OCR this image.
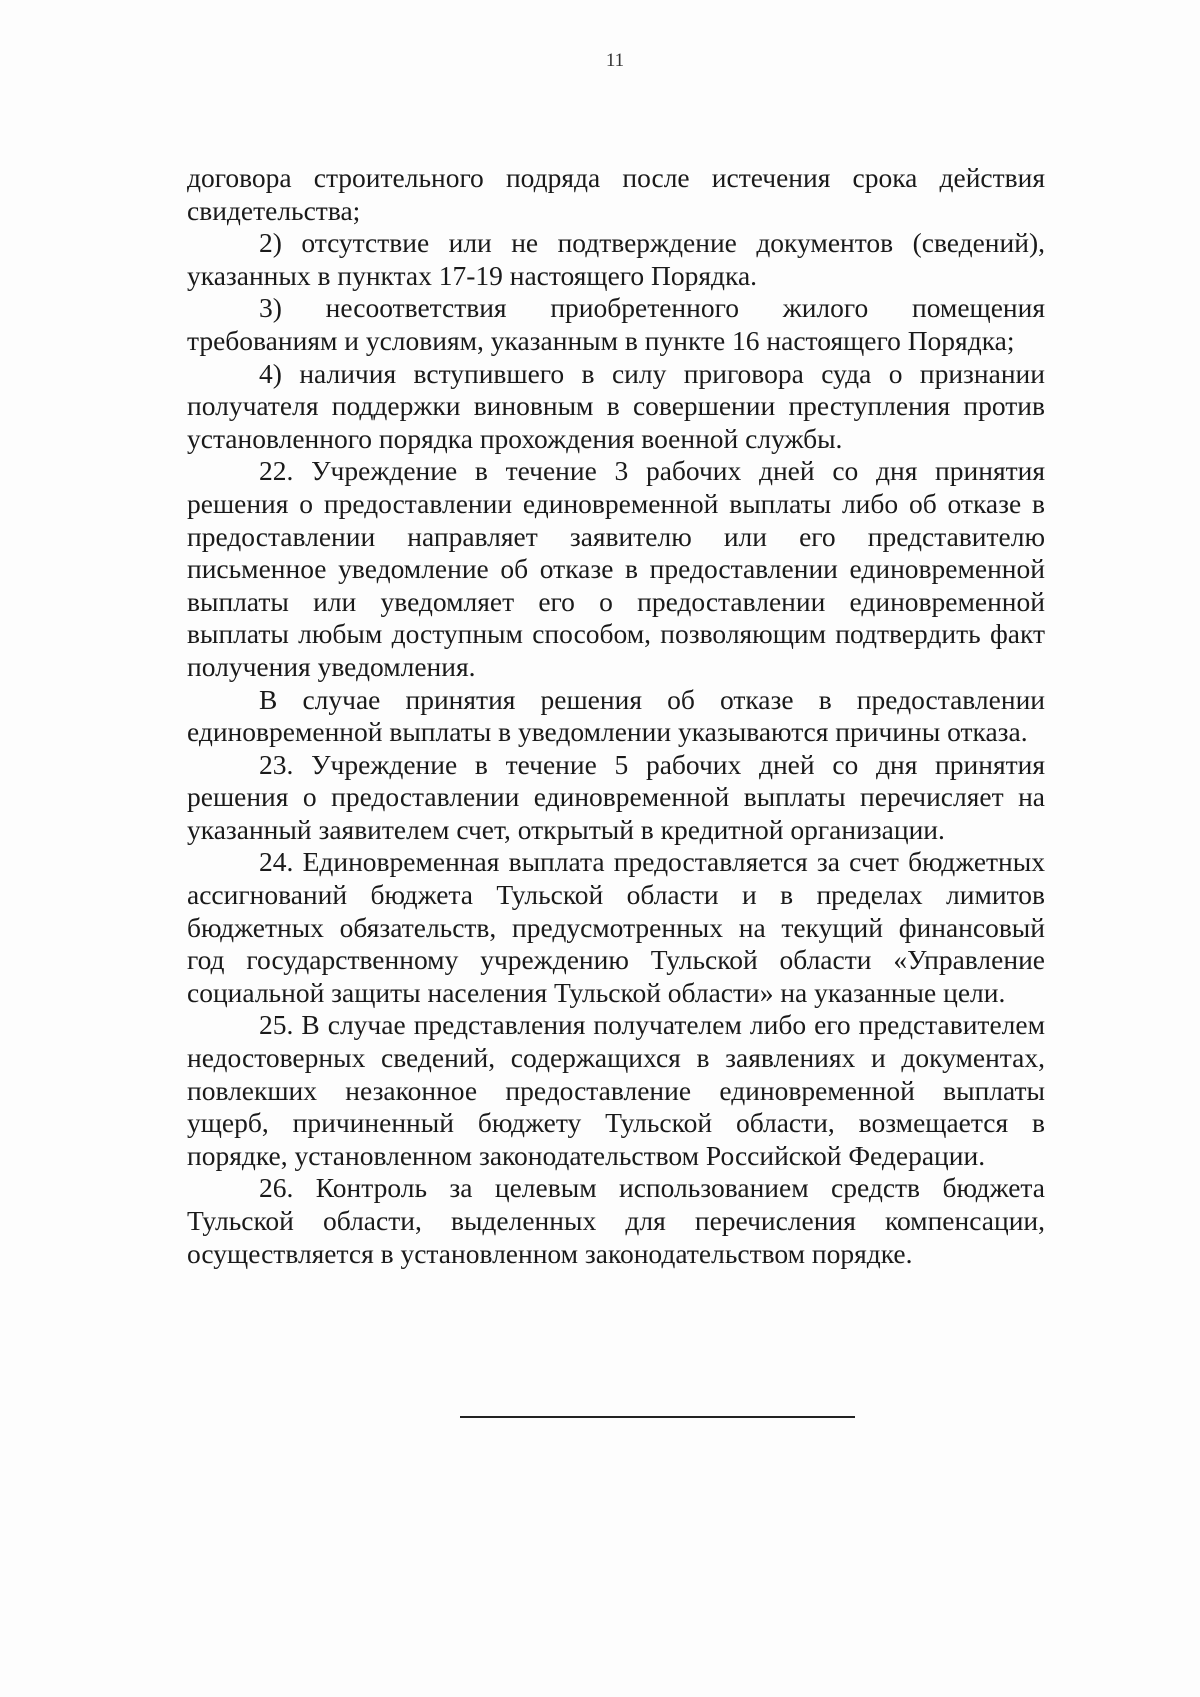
11

договора строительного подряда после истечения срока действия свидетельства;

2) отсутствие или не подтверждение документов (сведений), указанных в пунктах 17-19 настоящего Порядка.

3) несоответствия приобретенного жилого помещения требованиям и условиям, указанным в пункте 16 настоящего Порядка;

4) наличия вступившего в силу приговора суда о признании получателя поддержки виновным в совершении преступления против установленного порядка прохождения военной службы.

22. Учреждение в течение 3 рабочих дней со дня принятия решения о предоставлении единовременной выплаты либо об отказе в предоставлении направляет заявителю или его представителю письменное уведомление об отказе в предоставлении единовременной выплаты или уведомляет его о предоставлении единовременной выплаты любым доступным способом, позволяющим подтвердить факт получения уведомления.

В случае принятия решения об отказе в предоставлении единовременной выплаты в уведомлении указываются причины отказа.

23. Учреждение в течение 5 рабочих дней со дня принятия решения о предоставлении единовременной выплаты перечисляет на указанный заявителем счет, открытый в кредитной организации.

24. Единовременная выплата предоставляется за счет бюджетных ассигнований бюджета Тульской области и в пределах лимитов бюджетных обязательств, предусмотренных на текущий финансовый год государственному учреждению Тульской области «Управление социальной защиты населения Тульской области» на указанные цели.

25. В случае представления получателем либо его представителем недостоверных сведений, содержащихся в заявлениях и документах, повлекших незаконное предоставление единовременной выплаты ущерб, причиненный бюджету Тульской области, возмещается в порядке, установленном законодательством Российской Федерации.

26. Контроль за целевым использованием средств бюджета Тульской области, выделенных для перечисления компенсации, осуществляется в установленном законодательством порядке.
